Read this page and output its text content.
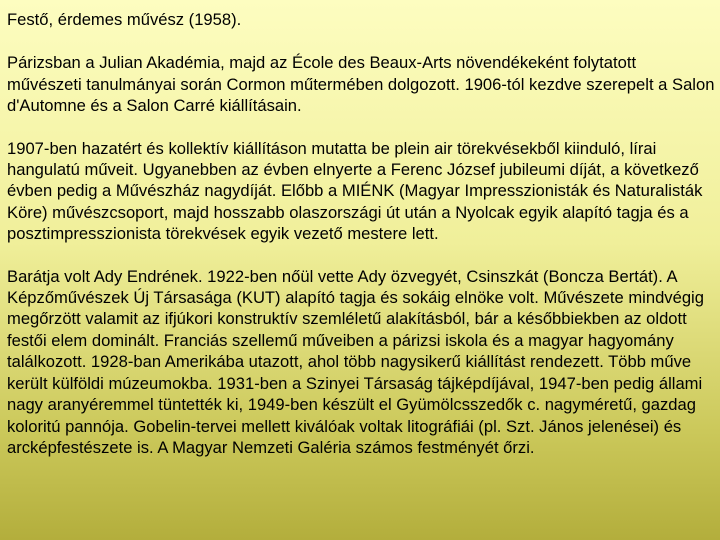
Festő, érdemes művész (1958).

Párizsban a Julian Akadémia, majd az École des Beaux-Arts növendékeként folytatott művészeti tanulmányai során Cormon műtermében dolgozott. 1906-tól kezdve szerepelt a Salon d'Automne és a Salon Carré kiállításain.

1907-ben hazatért és kollektív kiállításon mutatta be plein air törekvésekből kiinduló, lírai hangulatú műveit. Ugyanebben az évben elnyerte a Ferenc József jubileumi díját, a következő évben pedig a Művészház nagydíját. Előbb a MIÉNK (Magyar Impresszionisták és Naturalisták Köre) művészcsoport, majd hosszabb olaszországi út után a Nyolcak egyik alapító tagja és a posztimpresszionista törekvések egyik vezető mestere lett.

Barátja volt Ady Endrének. 1922-ben nőül vette Ady özvegyét, Csinszkát (Boncza Bertát). A Képzőművészek Új Társasága (KUT) alapító tagja és sokáig elnöke volt. Művészete mindvégig megőrzött valamit az ifjúkori konstruktív szemléletű alakításból, bár a későbbiekben az oldott festői elem dominált. Franciás szellemű műveiben a párizsi iskola és a magyar hagyomány találkozott. 1928-ban Amerikába utazott, ahol több nagysikerű kiállítást rendezett. Több műve került külföldi múzeumokba. 1931-ben a Szinyei Társaság tájképdíjával, 1947-ben pedig állami nagy aranyéremmel tüntették ki, 1949-ben készült el Gyümölcsszedők c. nagyméretű, gazdag koloritú pannója. Gobelin-tervei mellett kiválóak voltak litográfiái (pl. Szt. János jelenései) és arcképfestészete is. A Magyar Nemzeti Galéria számos festményét őrzi.
